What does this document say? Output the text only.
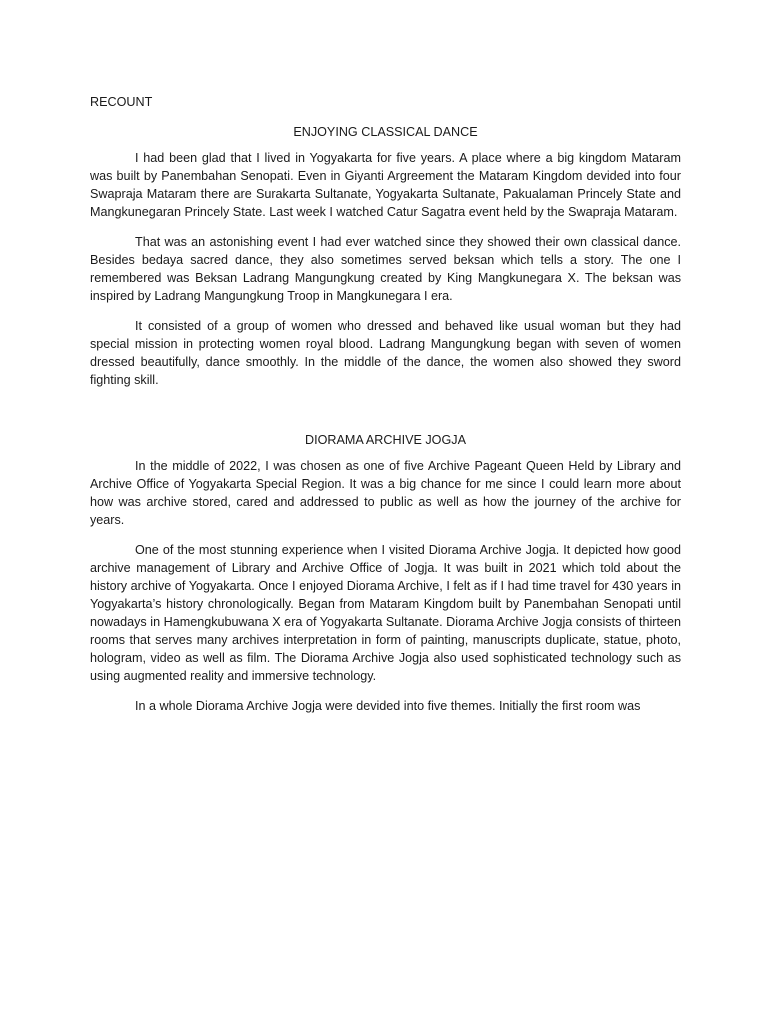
RECOUNT

ENJOYING CLASSICAL DANCE

I had been glad that I lived in Yogyakarta for five years. A place where a big kingdom Mataram was built by Panembahan Senopati. Even in Giyanti Argreement the Mataram Kingdom devided into four Swapraja Mataram there are Surakarta Sultanate, Yogyakarta Sultanate, Pakualaman Princely State and Mangkunegaran Princely State. Last week I watched Catur Sagatra event held by the Swapraja Mataram.

That was an astonishing event I had ever watched since they showed their own classical dance. Besides bedaya sacred dance, they also sometimes served beksan which tells a story. The one I remembered was Beksan Ladrang Mangungkung created by King Mangkunegara X. The beksan was inspired by Ladrang Mangungkung Troop in Mangkunegara I era.

It consisted of a group of women who dressed and behaved like usual woman but they had special mission in protecting women royal blood. Ladrang Mangungkung began with seven of women dressed beautifully, dance smoothly. In the middle of the dance, the women also showed they sword fighting skill.

DIORAMA ARCHIVE JOGJA

In the middle of 2022, I was chosen as one of five Archive Pageant Queen Held by Library and Archive Office of Yogyakarta Special Region. It was a big chance for me since I could learn more about how was archive stored, cared and addressed to public as well as how the journey of the archive for years.

One of the most stunning experience when I visited Diorama Archive Jogja. It depicted how good archive management of Library and Archive Office of Jogja. It was built in 2021 which told about the history archive of Yogyakarta. Once I enjoyed Diorama Archive, I felt as if I had time travel for 430 years in Yogyakarta’s history chronologically. Began from Mataram Kingdom built by Panembahan Senopati until nowadays in Hamengkubuwana X era of Yogyakarta Sultanate. Diorama Archive Jogja consists of thirteen rooms that serves many archives interpretation in form of painting, manuscripts duplicate, statue, photo, hologram, video as well as film. The Diorama Archive Jogja also used sophisticated technology such as using augmented reality and immersive technology.

In a whole Diorama Archive Jogja were devided into five themes. Initially the first room was
